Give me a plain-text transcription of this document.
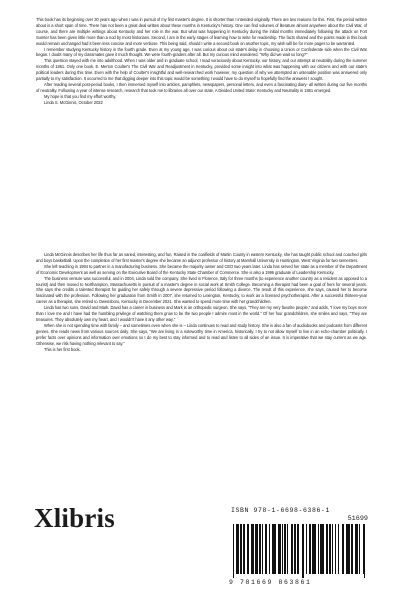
This book has its beginning over 30 years ago when I was in pursuit of my first master's degree. It is shorter than I intended originally. There are two reasons for this. First, the period written about is a short span of time. There has not been a great deal written about these months in Kentucky's history. One can find volumes of literature almost anywhere about the Civil War, of course, and there are multiple writings about Kentucky and her role in the war. But what was happening in Kentucky during the initial months immediately following the attack on Fort Sumter has been given little more than a nod by most historians. Second, I am in the early stages of learning how to write for readership. The facts shared and the points made in this book would remain unchanged had it been less concise and more verbose. This being said, should I write a second book on another topic, my wish will be for more pages to be warranted.

I remember studying Kentucky history in the fourth grade. Even at my young age, I was curious about our state's delay in choosing a Union or Confederate side when the Civil War began. I doubt many of my classmates gave it much thought. We were fourth-graders after all. But my curious mind wondered, "Why did we wait so long?"

This question stayed with me into adulthood. When I was older and in graduate school, I read voraciously about Kentucky, our history, and our attempt at neutrality during the summer months of 1861. Only one book, E. Merton Coulter's The Civil War and Readjustment in Kentucky, provided some insight into what was happening with our citizens and with our state's political leaders during this time. Even with the help of Coulter's insightful and well-researched work however, my question of why we attempted an untenable position was answered only partially to my satisfaction. It occurred to me that digging deeper into this topic would be something I would have to do myself to hopefully find the answers I sought.

After reading several post-period books, I then immersed myself into articles, pamphlets, newspapers, personal letters, and even a fascinating diary- all written during our five months of neutrality. Following a year of intense research, research that took me to libraries all over our state, A Divided United State: Kentucky and Neutrality in 1861 emerged.

My hope is that you find my effort worthy.

Linda S. McGinnis, October 2022

Linda McGinnis describes her life thus far as varied, interesting, and fun. Raised in the coalfields of Martin County in eastern Kentucky, she has taught public school and coached girls and boys basketball. Upon the completion of her first master's degree she became an adjunct professor of history at Marshall University in Huntington, West Virginia for two semesters.

She left teaching in 1994 to partner in a manufacturing business. She became the majority owner and CEO two years later. Linda has served her state as a member of the Department of Economic Development as well as serving on the Executive Board of the Kentucky State Chamber of Commerce. She is also a 1996 graduate of Leadership Kentucky.

The business venture was successful, and in 2004, Linda sold the company. She lived in Florence, Italy for three months (to experience another country as a resident as opposed to a tourist) and then moved to Northampton, Massachusetts in pursuit of a master's degree in social work at Smith College. Becoming a therapist had been a goal of hers for several years. She says she credits a talented therapist for guiding her safely through a severe depressive period following a divorce. The result of this experience, she says, caused her to become fascinated with the profession. Following her graduation from Smith in 2007, she returned to Lexington, Kentucky, to work as a licensed psychotherapist. After a successful thirteen-year career as a therapist, she retired to Owensboro, Kentucky in December 2021. She wanted to spend more time with her grandchildren.

Linda has two sons, David and Mark. David has a career in business and Mark is an orthopedic surgeon. She says, "They are my very favorite people," and adds, "I love my boys more than I love me and I have had the humbling privilege of watching them grow to be the two people I admire most in the world." Of her four grandchildren, she smiles and says, "They are treasures. They absolutely own my heart, and I wouldn't have it any other way."

When she is not spending time with family – and sometimes even when she is – Linda continues to read and study history. She is also a fan of audiobooks and podcasts from different genres. She reads news from various sources daily. She says, "We are living in a noteworthy time in America, historically. I try to not allow myself to live in an echo-chamber politically. I prefer facts over opinions and information over emotions so I do my best to stay informed and to read and listen to all sides of an issue. It is imperative that we stay current as we age. Otherwise, we risk having nothing relevant to say."

This is her first book.

Xlibris	ISBN 978-1-6698-6386-1
51699
9 781669 863861
